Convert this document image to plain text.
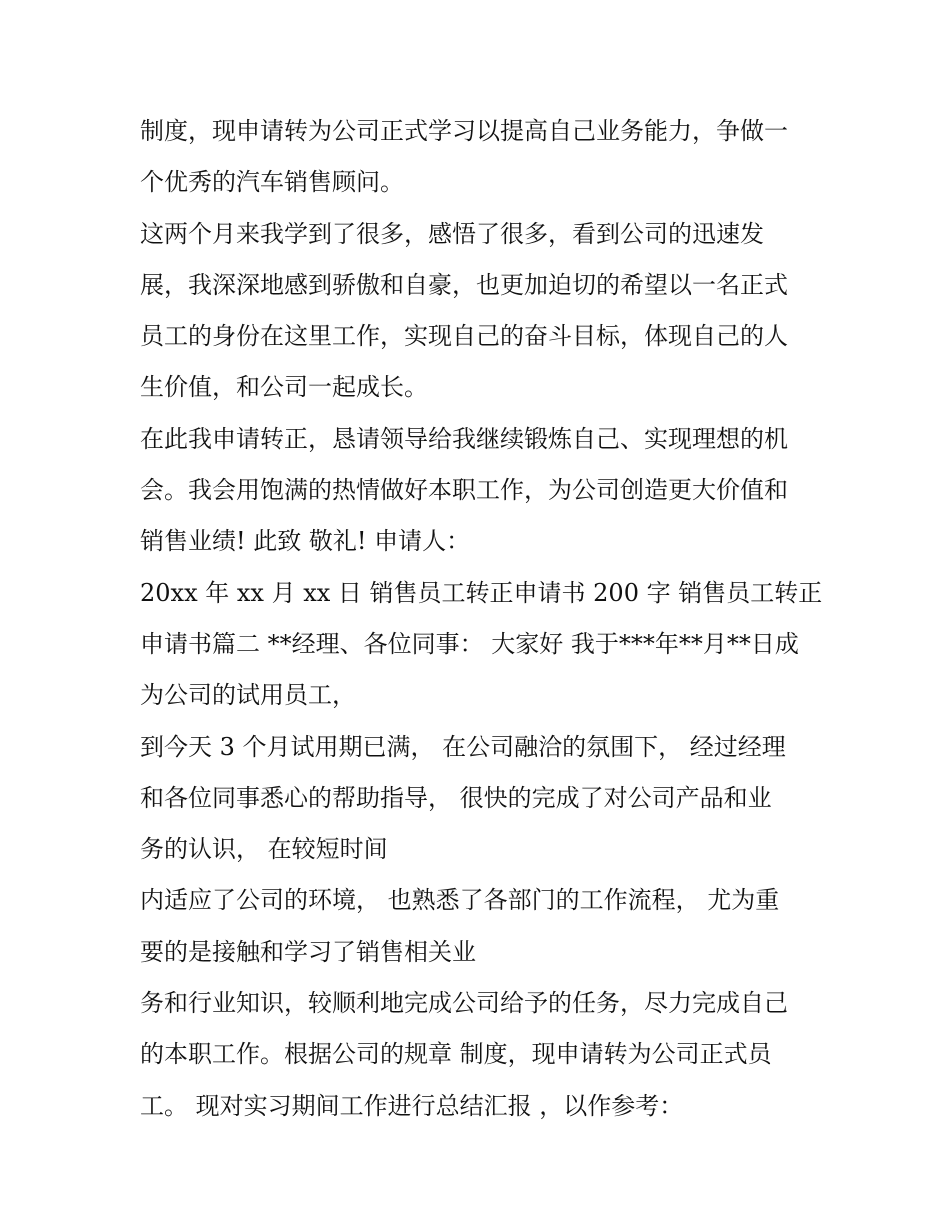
制度，现申请转为公司正式学习以提高自己业务能力，争做一
个优秀的汽车销售顾问。
这两个月来我学到了很多，感悟了很多，看到公司的迅速发
展，我深深地感到骄傲和自豪，也更加迫切的希望以一名正式
员工的身份在这里工作，实现自己的奋斗目标，体现自己的人
生价值，和公司一起成长。
在此我申请转正，恳请领导给我继续锻炼自己、实现理想的机
会。我会用饱满的热情做好本职工作，为公司创造更大价值和
销售业绩! 此致 敬礼! 申请人：
20xx 年 xx 月 xx 日 销售员工转正申请书 200 字 销售员工转正
申请书篇二 **经理、各位同事： 大家好 我于***年**月**日成
为公司的试用员工，
到今天 3 个月试用期已满， 在公司融洽的氛围下， 经过经理
和各位同事悉心的帮助指导， 很快的完成了对公司产品和业
务的认识， 在较短时间
内适应了公司的环境， 也熟悉了各部门的工作流程， 尤为重
要的是接触和学习了销售相关业
务和行业知识，较顺利地完成公司给予的任务，尽力完成自己
的本职工作。根据公司的规章 制度，现申请转为公司正式员
工。 现对实习期间工作进行总结汇报 ，以作参考：
